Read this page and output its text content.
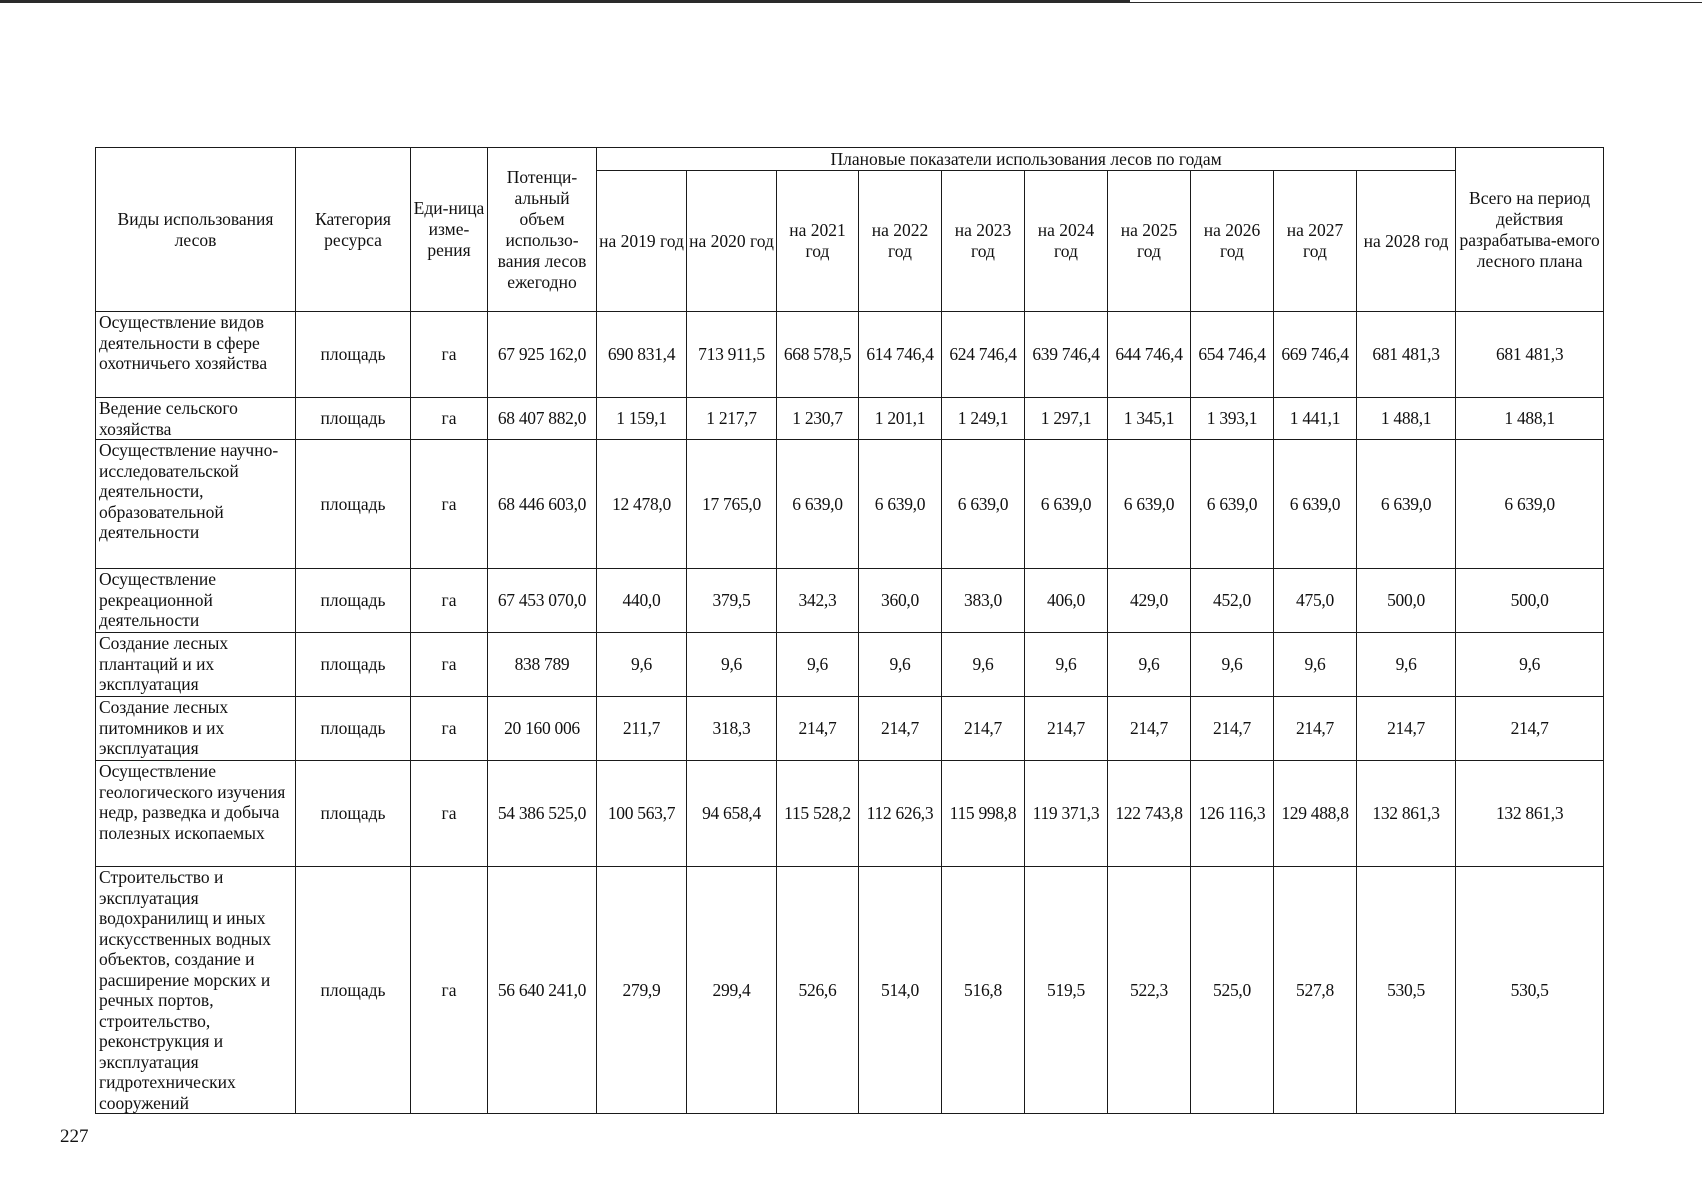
Виды использования лесов	Категория ресурса	Еди-ница изме-рения	Потенци-альный объем использо-вания лесов ежегодно	Плановые показатели использования лесов по годам										Всего на период действия разрабатыва-емого лесного плана
				на 2019 год	на 2020 год	на 2021 год	на 2022 год	на 2023 год	на 2024 год	на 2025 год	на 2026 год	на 2027 год	на 2028 год	
Осуществление видов деятельности в сфере охотничьего хозяйства	площадь	га	67 925 162,0	690 831,4	713 911,5	668 578,5	614 746,4	624 746,4	639 746,4	644 746,4	654 746,4	669 746,4	681 481,3	681 481,3
Ведение сельского хозяйства	площадь	га	68 407 882,0	1 159,1	1 217,7	1 230,7	1 201,1	1 249,1	1 297,1	1 345,1	1 393,1	1 441,1	1 488,1	1 488,1
Осуществление научно-исследовательской деятельности, образовательной деятельности	площадь	га	68 446 603,0	12 478,0	17 765,0	6 639,0	6 639,0	6 639,0	6 639,0	6 639,0	6 639,0	6 639,0	6 639,0	6 639,0
Осуществление рекреационной деятельности	площадь	га	67 453 070,0	440,0	379,5	342,3	360,0	383,0	406,0	429,0	452,0	475,0	500,0	500,0
Создание лесных плантаций и их эксплуатация	площадь	га	838 789	9,6	9,6	9,6	9,6	9,6	9,6	9,6	9,6	9,6	9,6	9,6
Создание лесных питомников и их эксплуатация	площадь	га	20 160 006	211,7	318,3	214,7	214,7	214,7	214,7	214,7	214,7	214,7	214,7	214,7
Осуществление геологического изучения недр, разведка и добыча полезных ископаемых	площадь	га	54 386 525,0	100 563,7	94 658,4	115 528,2	112 626,3	115 998,8	119 371,3	122 743,8	126 116,3	129 488,8	132 861,3	132 861,3
Строительство и эксплуатация водохранилищ и иных искусственных водных объектов, создание и расширение морских и речных портов, строительство, реконструкция и эксплуатация гидротехнических сооружений	площадь	га	56 640 241,0	279,9	299,4	526,6	514,0	516,8	519,5	522,3	525,0	527,8	530,5	530,5
227
